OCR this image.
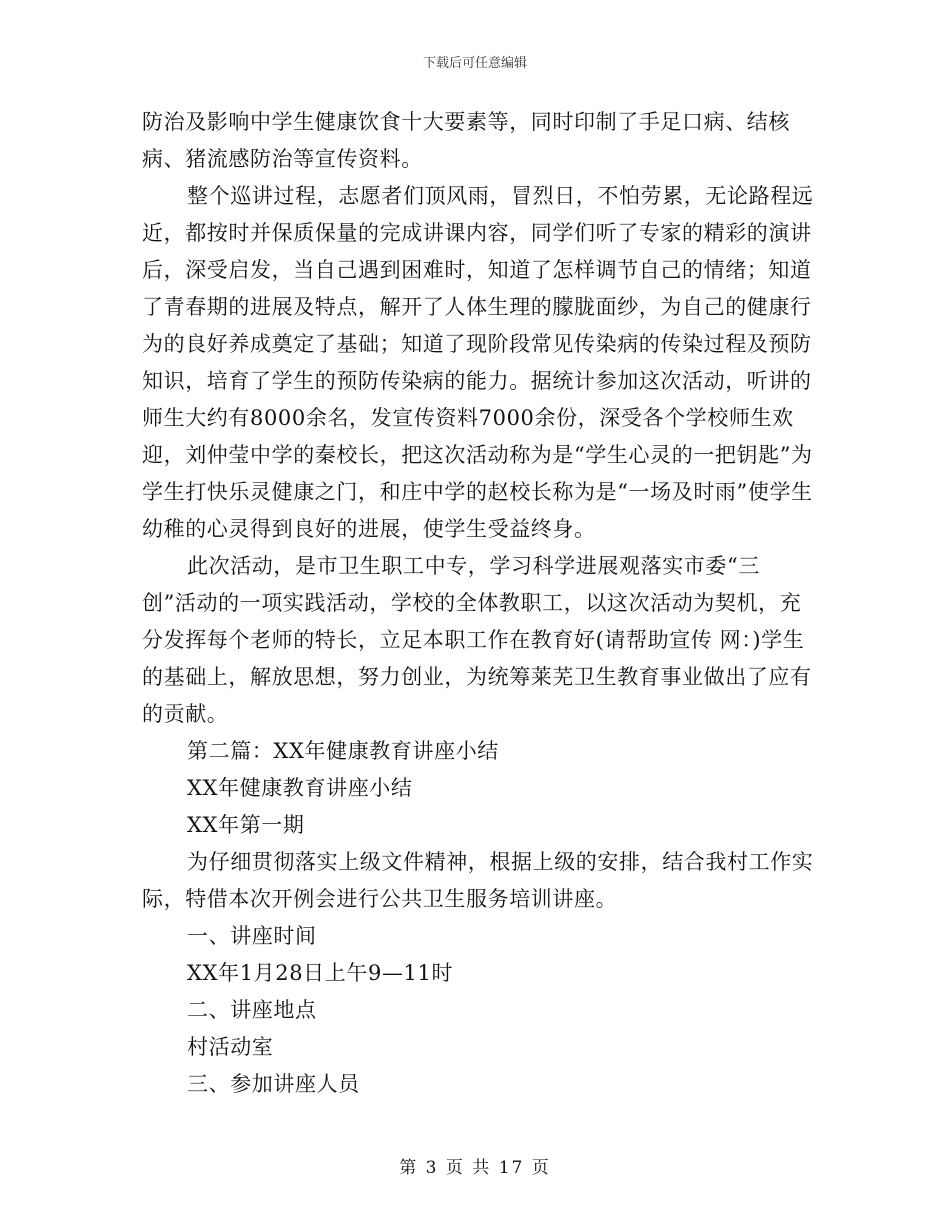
下载后可任意编辑

防治及影响中学生健康饮食十大要素等，同时印制了手足口病、结核病、猪流感防治等宣传资料。

整个巡讲过程，志愿者们顶风雨，冒烈日，不怕劳累，无论路程远近，都按时并保质保量的完成讲课内容，同学们听了专家的精彩的演讲后，深受启发，当自己遇到困难时，知道了怎样调节自己的情绪；知道了青春期的进展及特点，解开了人体生理的朦胧面纱，为自己的健康行为的良好养成奠定了基础；知道了现阶段常见传染病的传染过程及预防知识，培育了学生的预防传染病的能力。据统计参加这次活动，听讲的师生大约有8000余名，发宣传资料7000余份，深受各个学校师生欢迎，刘仲莹中学的秦校长，把这次活动称为是“学生心灵的一把钥匙”为学生打快乐灵健康之门，和庄中学的赵校长称为是“一场及时雨”使学生幼稚的心灵得到良好的进展，使学生受益终身。

此次活动，是市卫生职工中专，学习科学进展观落实市委“三创”活动的一项实践活动，学校的全体教职工，以这次活动为契机，充分发挥每个老师的特长，立足本职工作在教育好(请帮助宣传 网：)学生的基础上，解放思想，努力创业，为统筹莱芜卫生教育事业做出了应有的贡献。

第二篇：XX年健康教育讲座小结

XX年健康教育讲座小结

XX年第一期

为仔细贯彻落实上级文件精神，根据上级的安排，结合我村工作实际，特借本次开例会进行公共卫生服务培训讲座。

一、讲座时间

XX年1月28日上午9—11时

二、讲座地点

村活动室

三、参加讲座人员

第 3 页 共 17 页
